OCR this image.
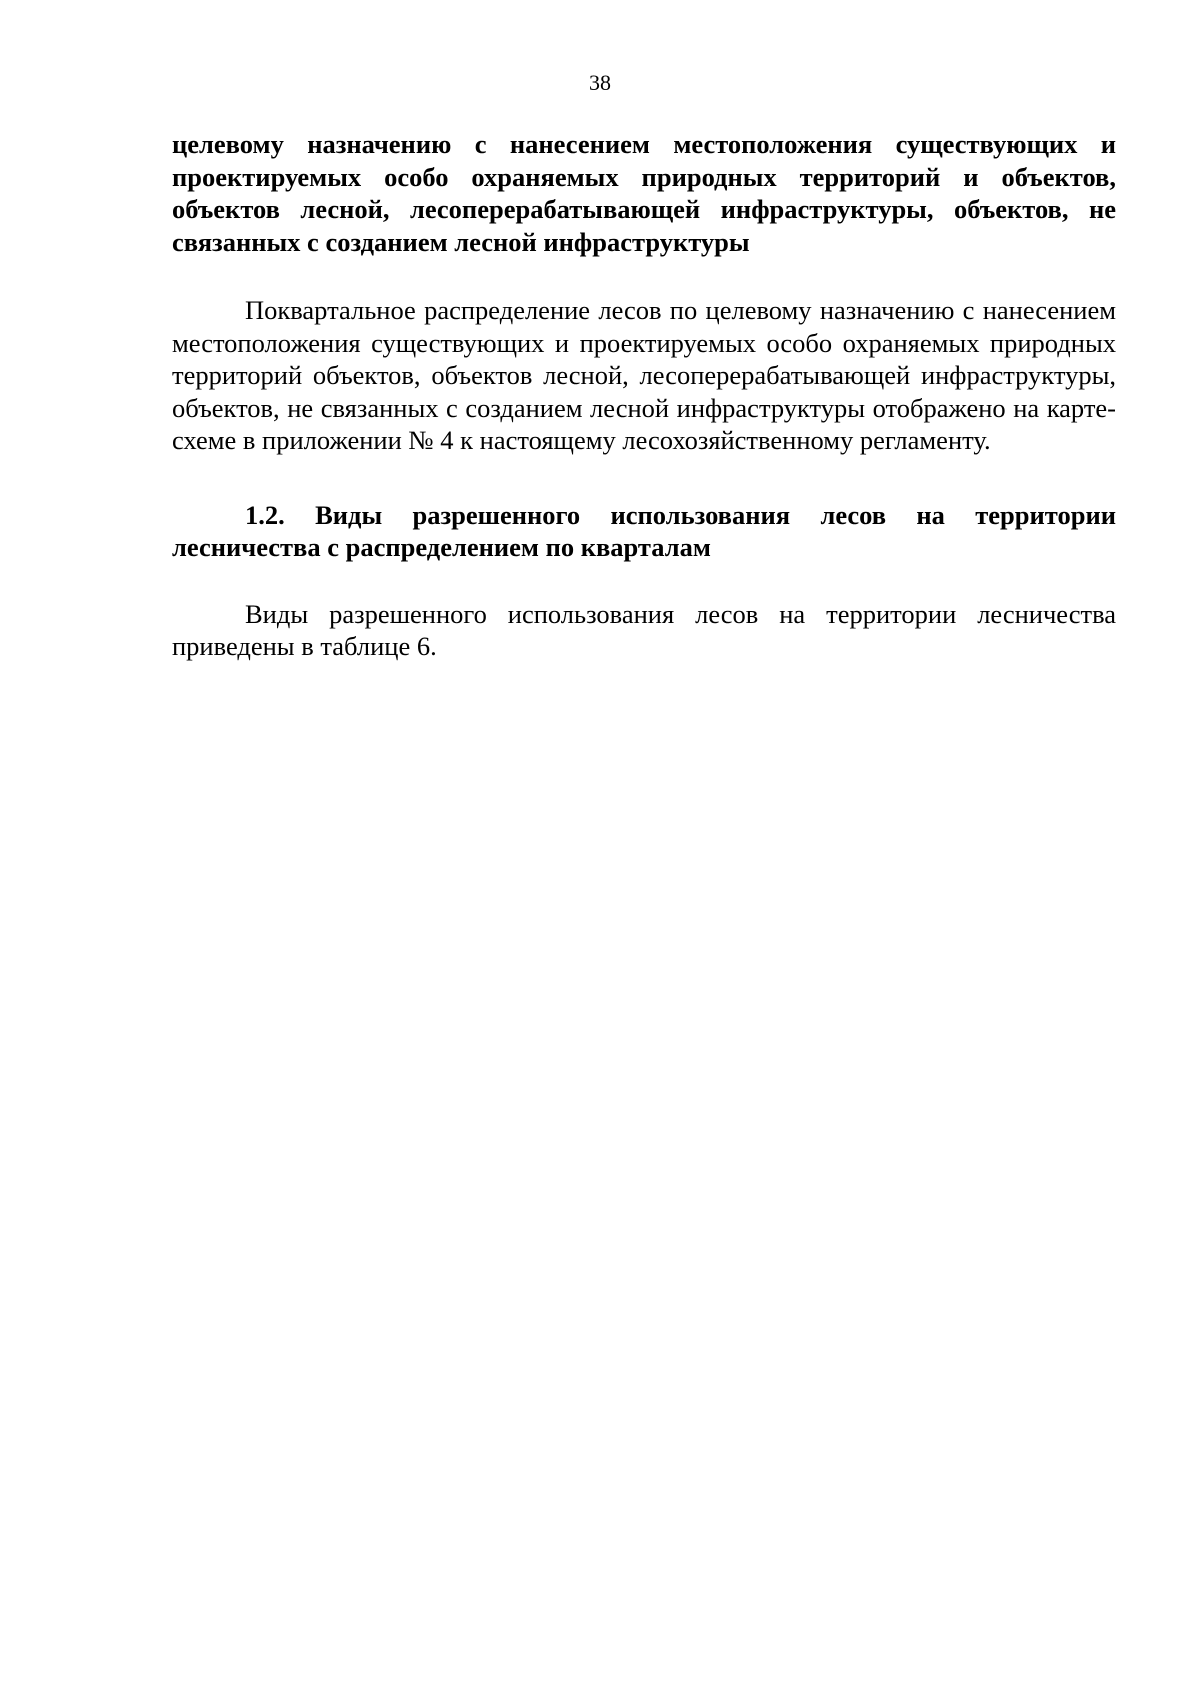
38

целевому назначению с нанесением местоположения существующих и проектируемых особо охраняемых природных территорий и объектов, объектов лесной, лесоперерабатывающей инфраструктуры, объектов, не связанных с созданием лесной инфраструктуры

Поквартальное распределение лесов по целевому назначению с нанесением местоположения существующих и проектируемых особо охраняемых природных территорий объектов, объектов лесной, лесоперерабатывающей инфраструктуры, объектов, не связанных с созданием лесной инфраструктуры отображено на карте-схеме в приложении № 4 к настоящему лесохозяйственному регламенту.

1.2. Виды разрешенного использования лесов на территории лесничества с распределением по кварталам

Виды разрешенного использования лесов на территории лесничества приведены в таблице 6.
